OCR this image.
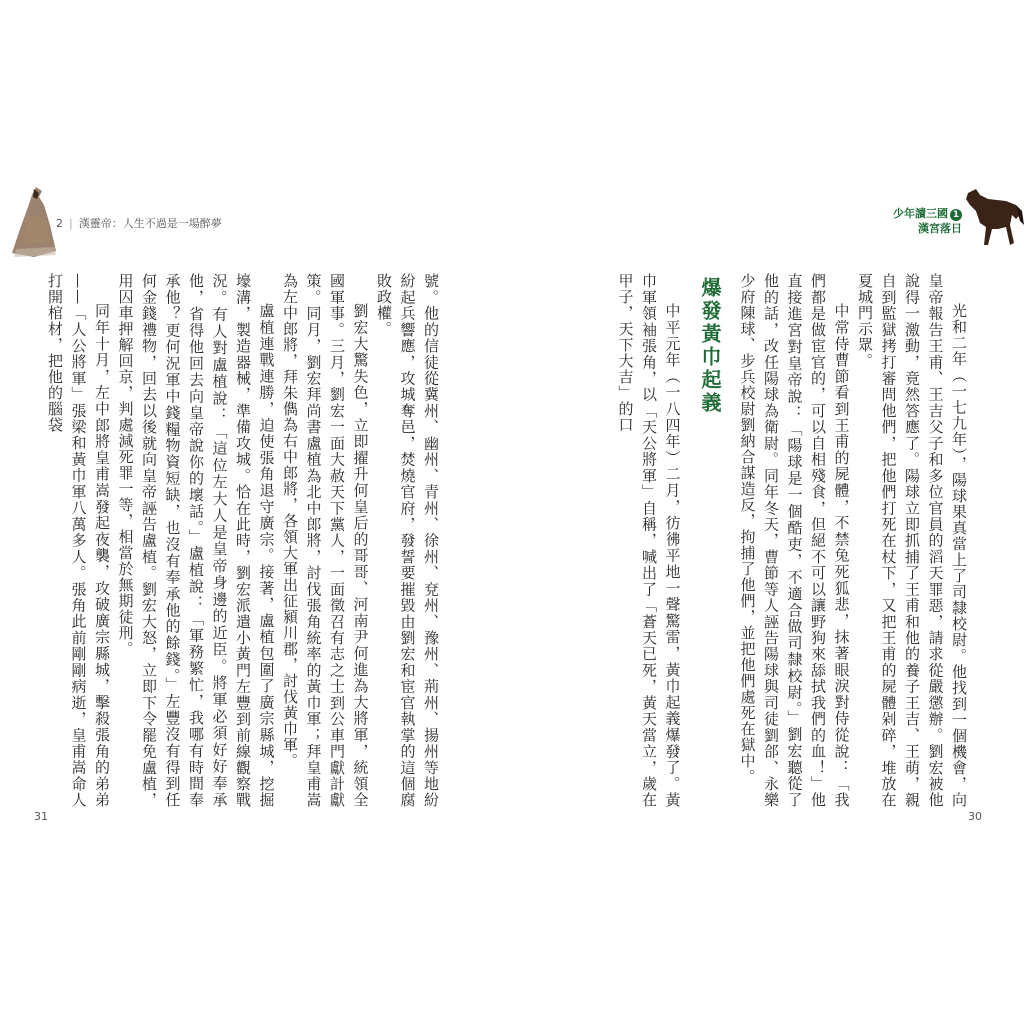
2 | 漢靈帝：人生不過是一場醉夢
少年讀三國 1
漢宮落日

光和二年（一七九年），陽球果真當上了司隸校尉。他找到一個機會，向皇帝報告王甫、王吉父子和多位官員的滔天罪惡，請求從嚴懲辦。劉宏被他說得一激動，竟然答應了。陽球立即抓捕了王甫和他的養子王吉、王萌，親自到監獄拷打審問他們，把他們打死在杖下，又把王甫的屍體剁碎，堆放在夏城門示眾。

中常侍曹節看到王甫的屍體，不禁兔死狐悲，抹著眼淚對侍從說：「我們都是做宦官的，可以自相殘食，但絕不可以讓野狗來舔拭我們的血！」他直接進宮對皇帝說：「陽球是一個酷吏，不適合做司隸校尉。」劉宏聽從了他的話，改任陽球為衛尉。同年冬天，曹節等人誣告陽球與司徒劉郃、永樂少府陳球、步兵校尉劉納合謀造反，拘捕了他們，並把他們處死在獄中。

爆發黃巾起義

中平元年（一八四年）二月，彷彿平地一聲驚雷，黃巾起義爆發了。黃巾軍領袖張角，以「天公將軍」自稱，喊出了「蒼天已死，黃天當立，歲在甲子，天下大吉」的口

號。他的信徒從冀州、幽州、青州、徐州、兗州、豫州、荊州、揚州等地紛紛起兵響應，攻城奪邑，焚燒官府，發誓要摧毀由劉宏和宦官執掌的這個腐敗政權。

劉宏大驚失色，立即擢升何皇后的哥哥、河南尹何進為大將軍，統領全國軍事。三月，劉宏一面大赦天下黨人，一面徵召有志之士到公車門獻計獻策。同月，劉宏拜尚書盧植為北中郎將，討伐張角統率的黃巾軍；拜皇甫嵩為左中郎將，拜朱儁為右中郎將，各領大軍出征潁川郡，討伐黃巾軍。

盧植連戰連勝，迫使張角退守廣宗。接著，盧植包圍了廣宗縣城，挖掘壕溝，製造器械，準備攻城。恰在此時，劉宏派遣小黃門左豐到前線觀察戰況。有人對盧植說：「這位左大人是皇帝身邊的近臣。將軍必須好好奉承他，省得他回去向皇帝說你的壞話。」盧植說：「軍務繁忙，我哪有時間奉承他？更何況軍中錢糧物資短缺，也沒有奉承他的餘錢。」左豐沒有得到任何金錢禮物，回去以後就向皇帝誣告盧植。劉宏大怒，立即下令罷免盧植，用囚車押解回京，判處減死罪一等，相當於無期徒刑。

同年十月，左中郎將皇甫嵩發起夜襲，攻破廣宗縣城，擊殺張角的弟弟——「人公將軍」張梁和黃巾軍八萬多人。張角此前剛剛病逝，皇甫嵩命人打開棺材，把他的腦袋

31	30
